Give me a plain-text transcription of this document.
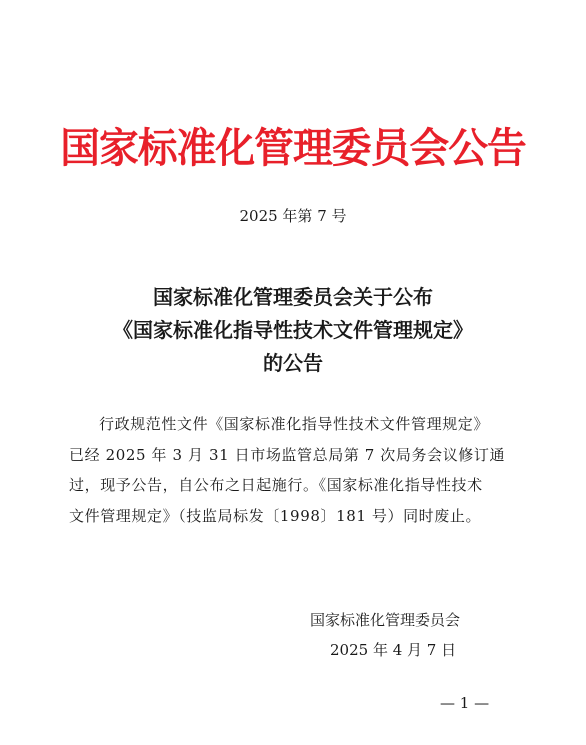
国家标准化管理委员会公告
2025 年第 7 号
国家标准化管理委员会关于公布
《国家标准化指导性技术文件管理规定》
的公告
行政规范性文件《国家标准化指导性技术文件管理规定》
已经 2025 年 3 月 31 日市场监管总局第 7 次局务会议修订通
过，现予公告，自公布之日起施行。《国家标准化指导性技术
文件管理规定》（技监局标发〔1998〕181 号）同时废止。
国家标准化管理委员会
2025 年 4 月 7 日
— 1 —
